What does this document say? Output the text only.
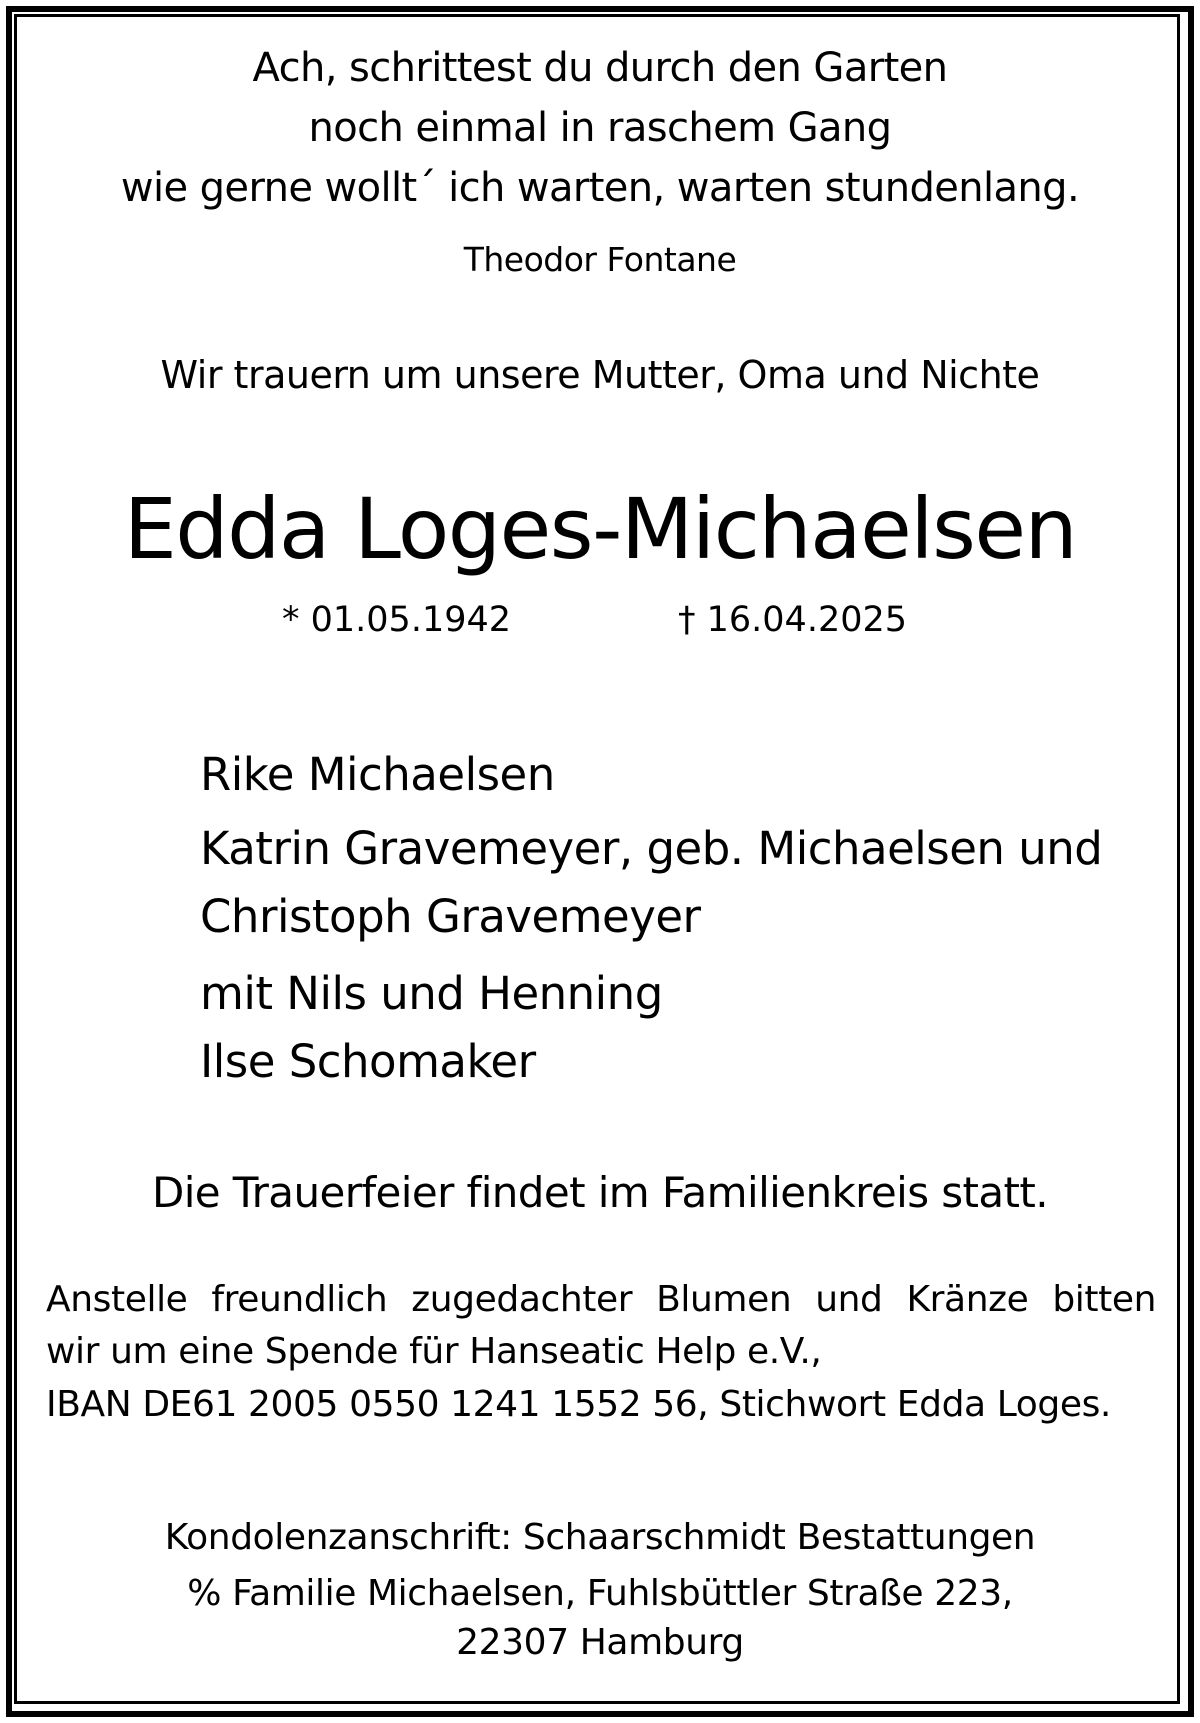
Ach, schrittest du durch den Garten
noch einmal in raschem Gang
wie gerne wollt´ ich warten, warten stundenlang.
Theodor Fontane
Wir trauern um unsere Mutter, Oma und Nichte
Edda Loges-Michaelsen
* 01.05.1942	† 16.04.2025
Rike Michaelsen
Katrin Gravemeyer, geb. Michaelsen und
Christoph Gravemeyer
mit Nils und Henning
Ilse Schomaker
Die Trauerfeier findet im Familienkreis statt.
Anstelle freundlich zugedachter Blumen und Kränze bitten
wir um eine Spende für Hanseatic Help e.V.,
IBAN DE61 2005 0550 1241 1552 56, Stichwort Edda Loges.
Kondolenzanschrift: Schaarschmidt Bestattungen
% Familie Michaelsen, Fuhlsbüttler Straße 223,
22307 Hamburg
